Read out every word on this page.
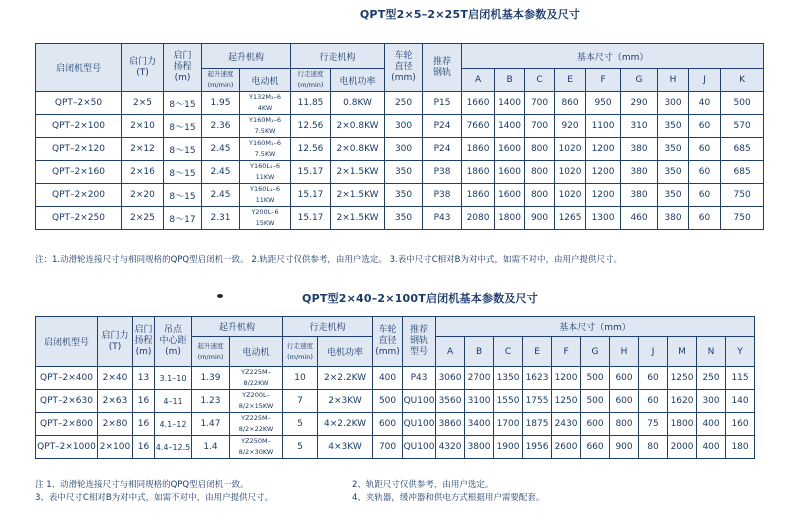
QPT型2×5–2×25T启闭机基本参数及尺寸
启闭机型号	启门力
(T)	启门
扬程
(m)	起升机构		行走机构		车轮
直径
(mm)	推荐
钢轨	基本尺寸（mm）								
			起升速度
(m/min)	电动机	行走速度
(m/min)	电机功率			A	B	C	E	F	G	H	J	K
QPT–2×50	2×5	8～15	1.95	Y132M₁–6
4KW	11.85	0.8KW	250	P15	1660	1400	700	860	950	290	300	40	500
QPT–2×100	2×10	8～15	2.36	Y160M₁–6
7.5KW	12.56	2×0.8KW	300	P24	7660	1400	700	920	1100	310	350	60	570
QPT–2×120	2×12	8～15	2.45	Y160M₁–6
7.5KW	12.56	2×0.8KW	300	P24	1860	1600	800	1020	1200	380	350	60	685
QPT–2×160	2×16	8～15	2.45	Y160L₁–6
11KW	15.17	2×1.5KW	350	P38	1860	1600	800	1020	1200	380	350	60	685
QPT–2×200	2×20	8～15	2.45	Y160L₁–6
11KW	15.17	2×1.5KW	350	P38	1860	1600	800	1020	1200	380	350	60	750
QPT–2×250	2×25	8～17	2.31	Y200L–6
15KW	15.17	2×1.5KW	350	P43	2080	1800	900	1265	1300	460	380	60	750
注：1.动滑轮连接尺寸与相同规格的QPQ型启闭机一致。 2.轨距尺寸仅供参考，由用户选定。 3.表中尺寸C相对B为对中式，如需不对中，由用户提供尺寸。
QPT型2×40–2×100T启闭机基本参数及尺寸
启闭机型号	启门力
(T)	启门
扬程
(m)	吊点
中心距
(m)	起升机构		行走机构		车轮
直径
(mm)	推荐
钢轨
型号	基本尺寸（mm）											
				起升速度
(m/min)	电动机	行走速度
(m/min)	电机功率			A	B	C	E	F	G	H	J	M	N	Y	
QPT–2×400	2×40	13	3.1–10	1.39	YZ225M–
8/22KW	10	2×2.2KW	400	P43	3060	2700	1350	1623	1200	500	600	60	1250	250	115	
QPT–2×630	2×63	16	4–11	1.23	YZ200L–
8/2×15KW	7	2×3KW	500	QU100	3560	3100	1550	1755	1250	500	600	60	1620	300	140	
QPT–2×800	2×80	16	4.1–12	1.47	YZ225M–
8/2×22KW	5	4×2.2KW	600	QU100	3860	3400	1700	1875	2430	600	800	75	1800	400	160	
QPT–2×1000	2×100	16	4.4–12.5	1.4	YZ250M–
8/2×30KW	5	4×3KW	700	QU100	4320	3800	1900	1956	2600	660	900	80	2000	400	180	
注 1、动滑轮连接尺寸与相同规格的QPQ型启闭机一致。	2、轨距尺寸仅供参考，由用户选定。
3、表中尺寸C相对B为对中式，如需不对中，由用户提供尺寸。	4、夹轨器，缓冲器和供电方式根据用户需要配套。
